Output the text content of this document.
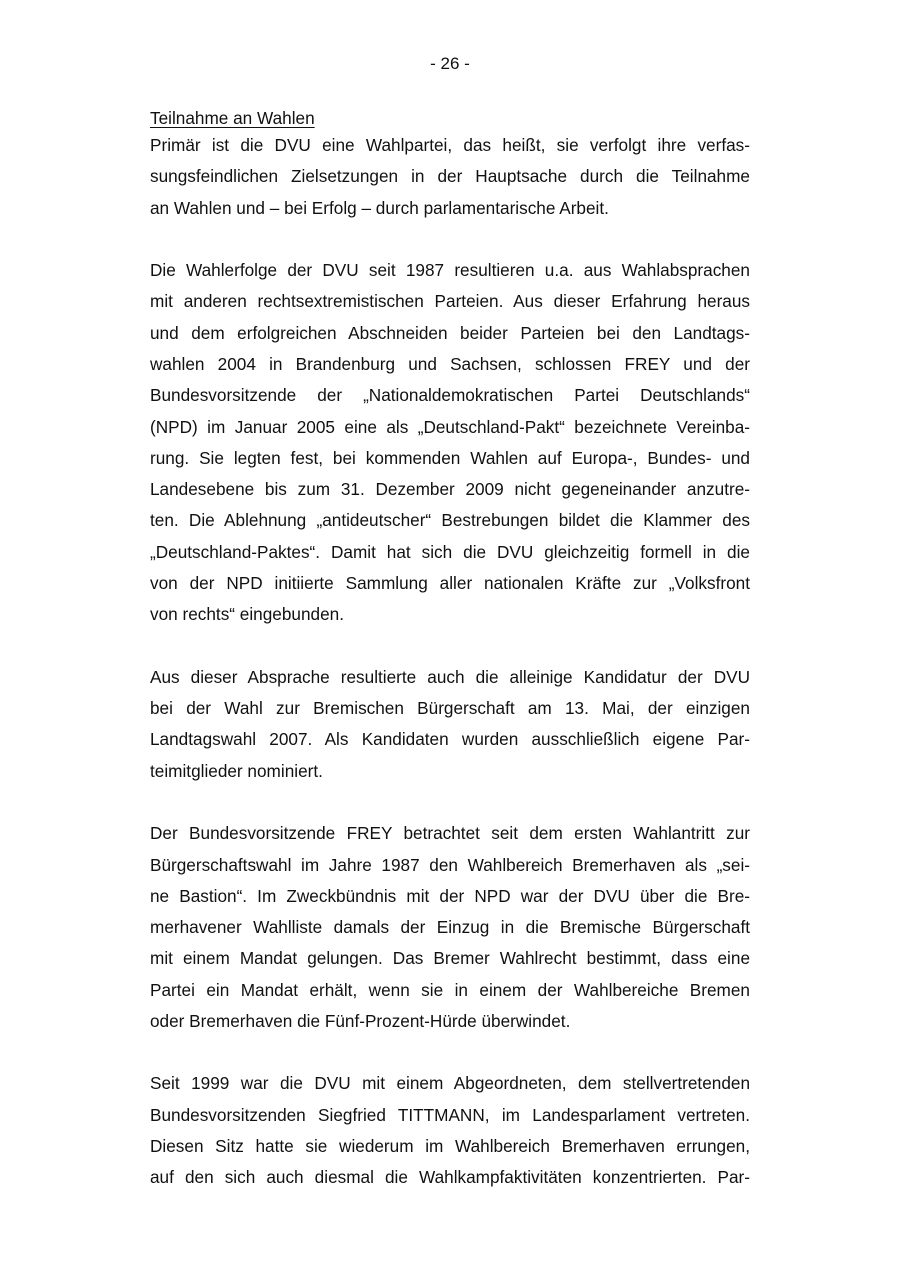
- 26 -
Teilnahme an Wahlen
Primär ist die DVU eine Wahlpartei, das heißt, sie verfolgt ihre verfas-
sungsfeindlichen Zielsetzungen in der Hauptsache durch die Teilnahme
an Wahlen und – bei Erfolg – durch parlamentarische Arbeit.
Die Wahlerfolge der DVU seit 1987 resultieren u.a. aus Wahlabsprachen
mit anderen rechtsextremistischen Parteien. Aus dieser Erfahrung heraus
und dem erfolgreichen Abschneiden beider Parteien bei den Landtags-
wahlen 2004 in Brandenburg und Sachsen, schlossen FREY und der
Bundesvorsitzende der „Nationaldemokratischen Partei Deutschlands“
(NPD) im Januar 2005 eine als „Deutschland-Pakt“ bezeichnete Vereinba-
rung. Sie legten fest, bei kommenden Wahlen auf Europa-, Bundes- und
Landesebene bis zum 31. Dezember 2009 nicht gegeneinander anzutre-
ten. Die Ablehnung „antideutscher“ Bestrebungen bildet die Klammer des
„Deutschland-Paktes“. Damit hat sich die DVU gleichzeitig formell in die
von der NPD initiierte Sammlung aller nationalen Kräfte zur „Volksfront
von rechts“ eingebunden.
Aus dieser Absprache resultierte auch die alleinige Kandidatur der DVU
bei der Wahl zur Bremischen Bürgerschaft am 13. Mai, der einzigen
Landtagswahl 2007. Als Kandidaten wurden ausschließlich eigene Par-
teimitglieder nominiert.
Der Bundesvorsitzende FREY betrachtet seit dem ersten Wahlantritt zur
Bürgerschaftswahl im Jahre 1987 den Wahlbereich Bremerhaven als „sei-
ne Bastion“. Im Zweckbündnis mit der NPD war der DVU über die Bre-
merhavener Wahlliste damals der Einzug in die Bremische Bürgerschaft
mit einem Mandat gelungen. Das Bremer Wahlrecht bestimmt, dass eine
Partei ein Mandat erhält, wenn sie in einem der Wahlbereiche Bremen
oder Bremerhaven die Fünf-Prozent-Hürde überwindet.
Seit 1999 war die DVU mit einem Abgeordneten, dem stellvertretenden
Bundesvorsitzenden Siegfried TITTMANN, im Landesparlament vertreten.
Diesen Sitz hatte sie wiederum im Wahlbereich Bremerhaven errungen,
auf den sich auch diesmal die Wahlkampfaktivitäten konzentrierten. Par-
